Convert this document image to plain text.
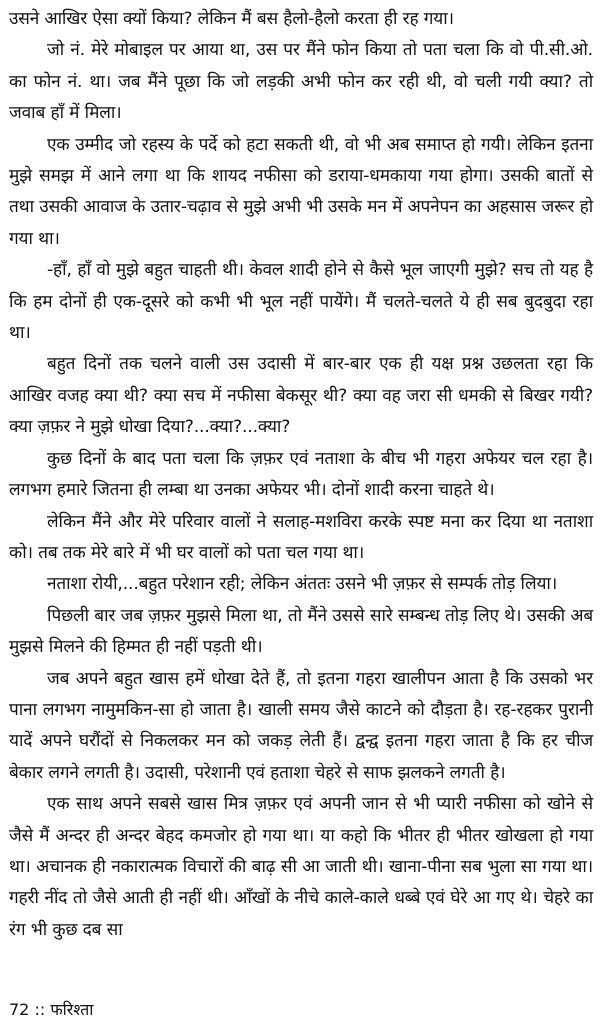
उसने आखिर ऐसा क्यों किया? लेकिन मैं बस हैलो-हैलो करता ही रह गया।

जो नं. मेरे मोबाइल पर आया था, उस पर मैंने फोन किया तो पता चला कि वो पी.सी.ओ. का फोन नं. था। जब मैंने पूछा कि जो लड़की अभी फोन कर रही थी, वो चली गयी क्या? तो जवाब हाँ में मिला।

एक उम्मीद जो रहस्य के पर्दे को हटा सकती थी, वो भी अब समाप्त हो गयी। लेकिन इतना मुझे समझ में आने लगा था कि शायद नफीसा को डराया-धमकाया गया होगा। उसकी बातों से तथा उसकी आवाज के उतार-चढ़ाव से मुझे अभी भी उसके मन में अपनेपन का अहसास जरूर हो गया था।

-हाँ, हाँ वो मुझे बहुत चाहती थी। केवल शादी होने से कैसे भूल जाएगी मुझे? सच तो यह है कि हम दोनों ही एक-दूसरे को कभी भी भूल नहीं पायेंगे। मैं चलते-चलते ये ही सब बुदबुदा रहा था।

बहुत दिनों तक चलने वाली उस उदासी में बार-बार एक ही यक्ष प्रश्न उछलता रहा कि आखिर वजह क्या थी? क्या सच में नफीसा बेकसूर थी? क्या वह जरा सी धमकी से बिखर गयी? क्या ज़फ़र ने मुझे धोखा दिया?...क्या?...क्या?

कुछ दिनों के बाद पता चला कि ज़फ़र एवं नताशा के बीच भी गहरा अफेयर चल रहा है। लगभग हमारे जितना ही लम्बा था उनका अफेयर भी। दोनों शादी करना चाहते थे।

लेकिन मैंने और मेरे परिवार वालों ने सलाह-मशविरा करके स्पष्ट मना कर दिया था नताशा को। तब तक मेरे बारे में भी घर वालों को पता चल गया था।

नताशा रोयी,...बहुत परेशान रही; लेकिन अंततः उसने भी ज़फ़र से सम्पर्क तोड़ लिया।

पिछली बार जब ज़फ़र मुझसे मिला था, तो मैंने उससे सारे सम्बन्ध तोड़ लिए थे। उसकी अब मुझसे मिलने की हिम्मत ही नहीं पड़ती थी।

जब अपने बहुत खास हमें धोखा देते हैं, तो इतना गहरा खालीपन आता है कि उसको भर पाना लगभग नामुमकिन-सा हो जाता है। खाली समय जैसे काटने को दौड़ता है। रह-रहकर पुरानी यादें अपने घरौंदों से निकलकर मन को जकड़ लेती हैं। द्वन्द्व इतना गहरा जाता है कि हर चीज बेकार लगने लगती है। उदासी, परेशानी एवं हताशा चेहरे से साफ झलकने लगती है।

एक साथ अपने सबसे खास मित्र ज़फ़र एवं अपनी जान से भी प्यारी नफीसा को खोने से जैसे मैं अन्दर ही अन्दर बेहद कमजोर हो गया था। या कहो कि भीतर ही भीतर खोखला हो गया था। अचानक ही नकारात्मक विचारों की बाढ़ सी आ जाती थी। खाना-पीना सब भुला सा गया था। गहरी नींद तो जैसे आती ही नहीं थी। आँखों के नीचे काले-काले धब्बे एवं घेरे आ गए थे। चेहरे का रंग भी कुछ दब सा

72 :: फरिश्ता
